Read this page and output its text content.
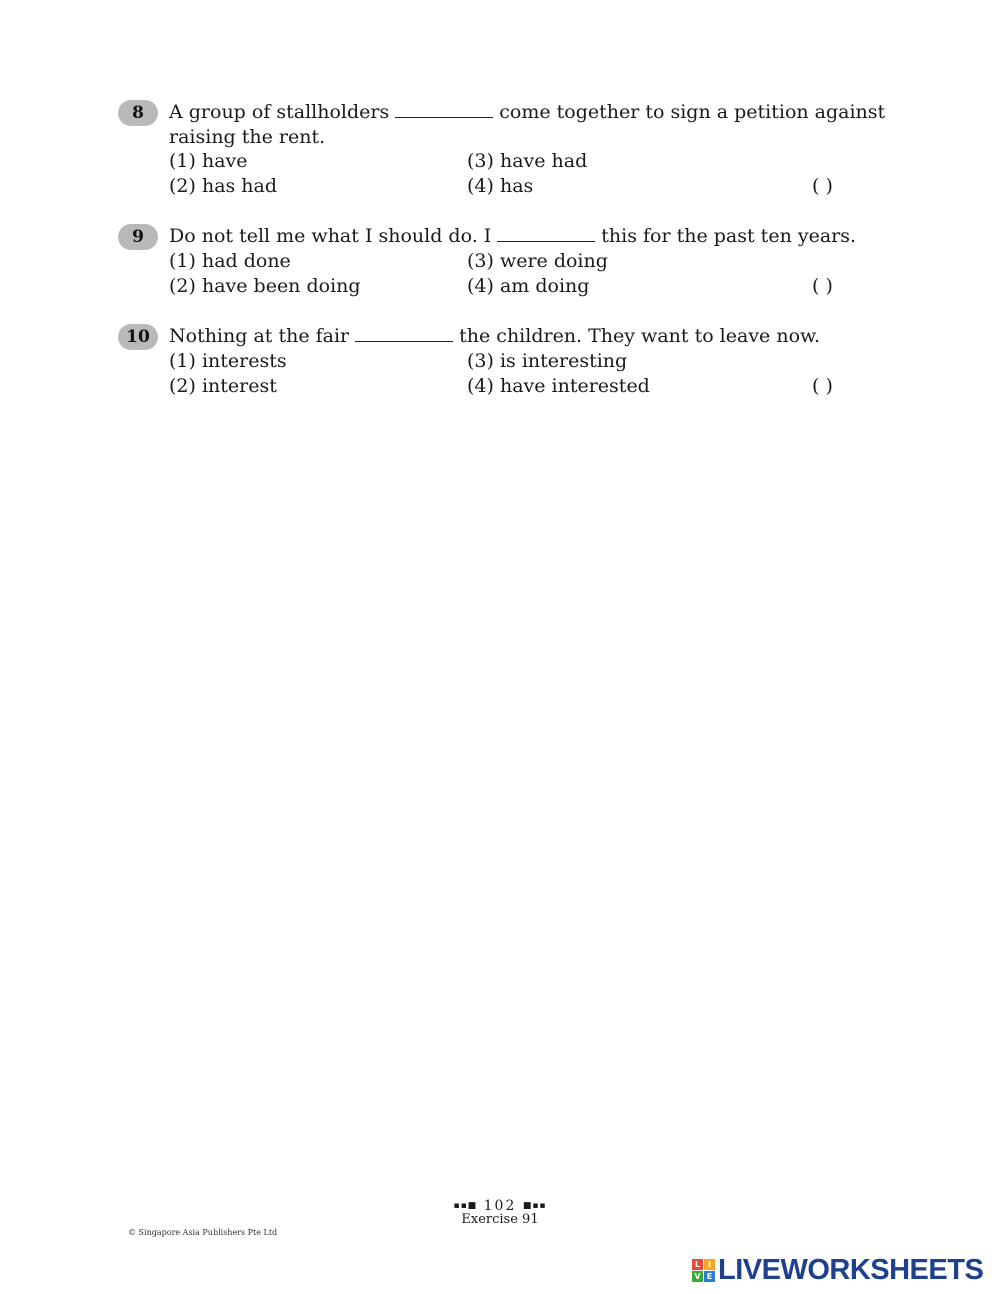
8	A group of stallholders	come together to sign a petition against
raising the rent.
(1) have	(3) have had
(2) has had	(4) has	( )
9	Do not tell me what I should do. I	this for the past ten years.
(1) had done	(3) were doing
(2) have been doing	(4) am doing	( )
10	Nothing at the fair	the children. They want to leave now.
(1) interests	(3) is interesting
(2) interest	(4) have interested	( )
▪▪■ 102 ■▪▪
Exercise 91
© Singapore Asia Publishers Pte Ltd
L I
V E LIVEWORKSHEETS
